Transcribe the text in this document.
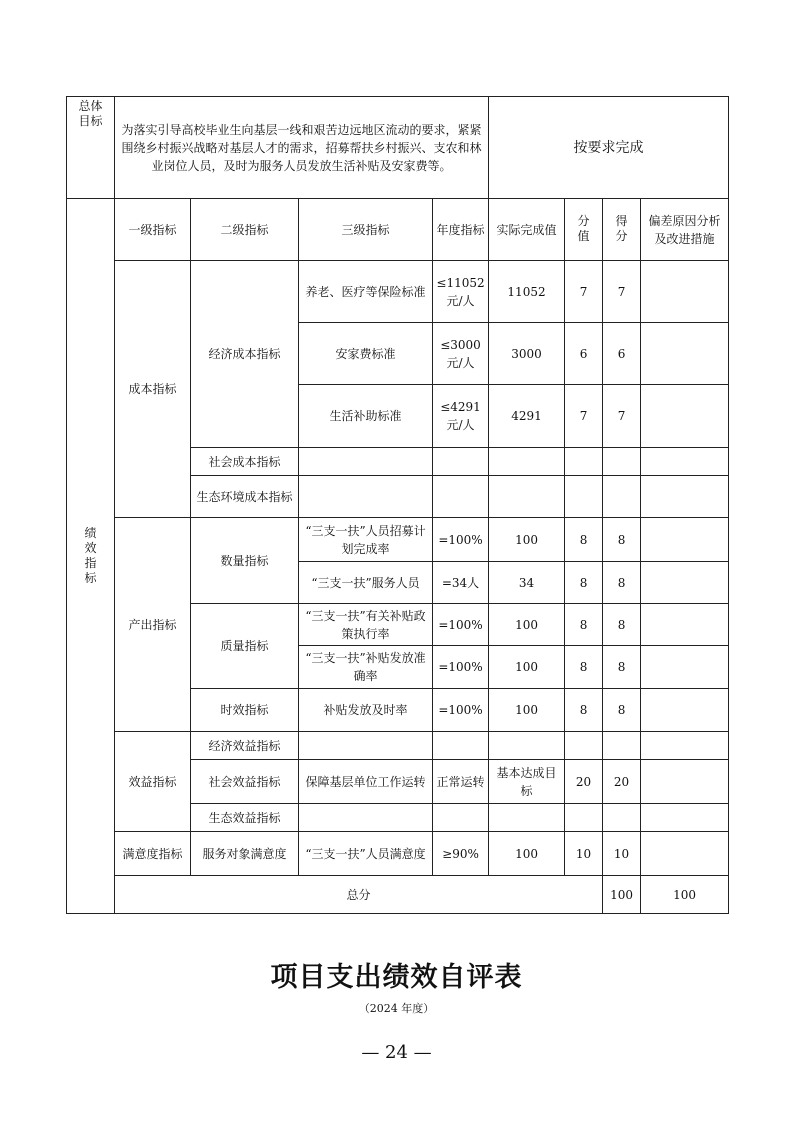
总体目标	为落实引导高校毕业生向基层一线和艰苦边远地区流动的要求，紧紧围绕乡村振兴战略对基层人才的需求，招募帮扶乡村振兴、支农和林业岗位人员，及时为服务人员发放生活补贴及安家费等。				按要求完成				
绩效指标	一级指标	二级指标	三级指标	年度指标	实际完成值	分值	得分	偏差原因分析及改进措施	
	成本指标	经济成本指标	养老、医疗等保险标准	≤11052元/人	11052	7	7		
			安家费标准	≤3000元/人	3000	6	6		
			生活补助标准	≤4291元/人	4291	7	7		
		社会成本指标							
		生态环境成本指标							
	产出指标	数量指标	“三支一扶”人员招募计划完成率	=100%	100	8	8		
			“三支一扶”服务人员	=34人	34	8	8		
		质量指标	“三支一扶”有关补贴政策执行率	=100%	100	8	8		
			“三支一扶”补贴发放准确率	=100%	100	8	8		
		时效指标	补贴发放及时率	=100%	100	8	8		
	效益指标	经济效益指标							
		社会效益指标	保障基层单位工作运转	正常运转	基本达成目标	20	20		
		生态效益指标							
	满意度指标	服务对象满意度	“三支一扶”人员满意度	≥90%	100	10	10		
	总分						100	100	
项目支出绩效自评表
（2024 年度）
— 24 —
